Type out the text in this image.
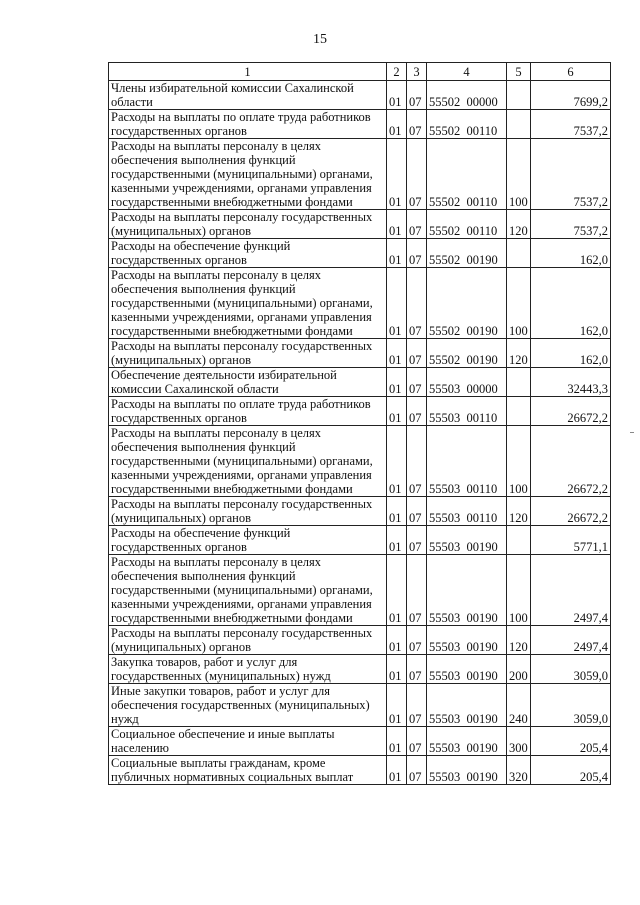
15
1	2	3	4	5	6
Члены избирательной комиссии Сахалинской области	01	07	55502  00000		7699,2
Расходы на выплаты по оплате труда работников государственных органов	01	07	55502  00110		7537,2
Расходы на выплаты персоналу в целях обеспечения выполнения функций государственными (муниципальными) органами, казенными учреждениями, органами управления государственными внебюджетными фондами	01	07	55502  00110	100	7537,2
Расходы на выплаты персоналу государственных (муниципальных) органов	01	07	55502  00110	120	7537,2
Расходы на обеспечение функций государственных органов	01	07	55502  00190		162,0
Расходы на выплаты персоналу в целях обеспечения выполнения функций государственными (муниципальными) органами, казенными учреждениями, органами управления государственными внебюджетными фондами	01	07	55502  00190	100	162,0
Расходы на выплаты персоналу государственных (муниципальных) органов	01	07	55502  00190	120	162,0
Обеспечение деятельности избирательной комиссии Сахалинской области	01	07	55503  00000		32443,3
Расходы на выплаты по оплате труда работников государственных органов	01	07	55503  00110		26672,2
Расходы на выплаты персоналу в целях обеспечения выполнения функций государственными (муниципальными) органами, казенными учреждениями, органами управления государственными внебюджетными фондами	01	07	55503  00110	100	26672,2
Расходы на выплаты персоналу государственных (муниципальных) органов	01	07	55503  00110	120	26672,2
Расходы на обеспечение функций государственных органов	01	07	55503  00190		5771,1
Расходы на выплаты персоналу в целях обеспечения выполнения функций государственными (муниципальными) органами, казенными учреждениями, органами управления государственными внебюджетными фондами	01	07	55503  00190	100	2497,4
Расходы на выплаты персоналу государственных (муниципальных) органов	01	07	55503  00190	120	2497,4
Закупка товаров, работ и услуг для государственных (муниципальных) нужд	01	07	55503  00190	200	3059,0
Иные закупки товаров, работ и услуг для обеспечения государственных (муниципальных) нужд	01	07	55503  00190	240	3059,0
Социальное обеспечение и иные выплаты населению	01	07	55503  00190	300	205,4
Социальные выплаты гражданам, кроме публичных нормативных социальных выплат	01	07	55503  00190	320	205,4
